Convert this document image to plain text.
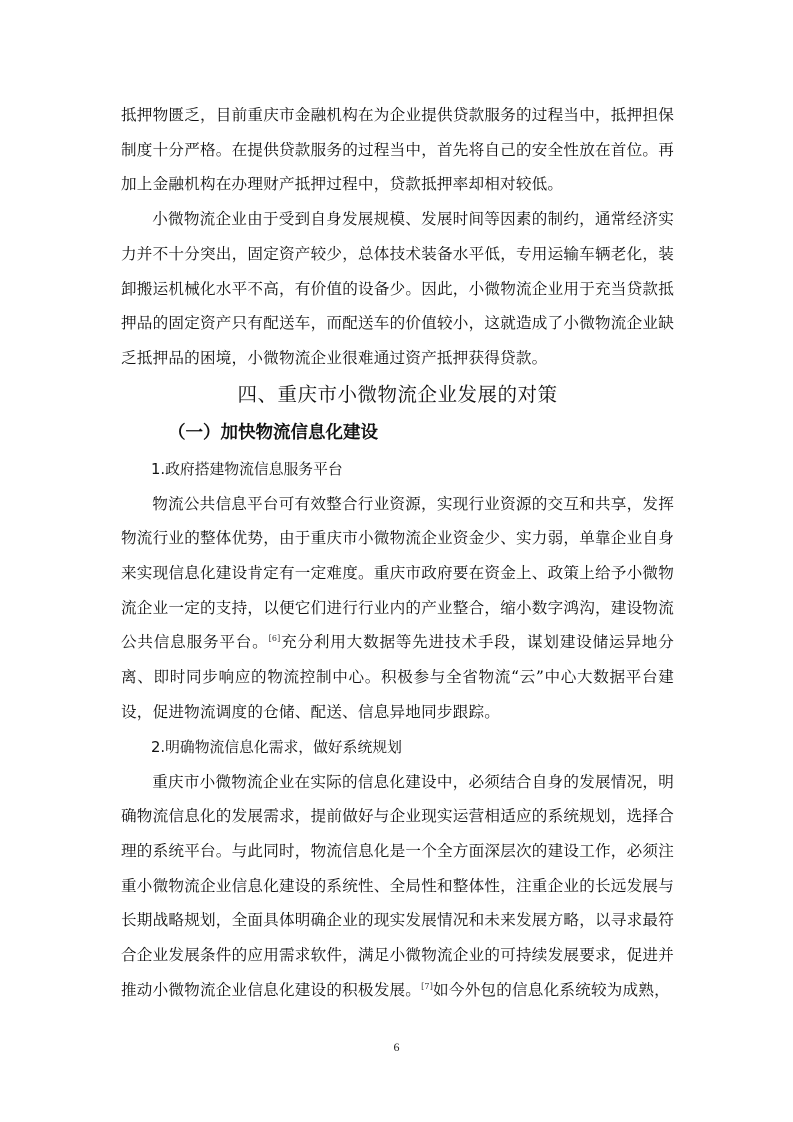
抵押物匮乏，目前重庆市金融机构在为企业提供贷款服务的过程当中，抵押担保制度十分严格。在提供贷款服务的过程当中，首先将自己的安全性放在首位。再加上金融机构在办理财产抵押过程中，贷款抵押率却相对较低。

小微物流企业由于受到自身发展规模、发展时间等因素的制约，通常经济实力并不十分突出，固定资产较少，总体技术装备水平低，专用运输车辆老化，装卸搬运机械化水平不高，有价值的设备少。因此，小微物流企业用于充当贷款抵押品的固定资产只有配送车，而配送车的价值较小，这就造成了小微物流企业缺乏抵押品的困境，小微物流企业很难通过资产抵押获得贷款。

四、重庆市小微物流企业发展的对策
（一）加快物流信息化建设
1.政府搭建物流信息服务平台

物流公共信息平台可有效整合行业资源，实现行业资源的交互和共享，发挥物流行业的整体优势，由于重庆市小微物流企业资金少、实力弱，单靠企业自身来实现信息化建设肯定有一定难度。重庆市政府要在资金上、政策上给予小微物流企业一定的支持，以便它们进行行业内的产业整合，缩小数字鸿沟，建设物流公共信息服务平台。[6]充分利用大数据等先进技术手段，谋划建设储运异地分离、即时同步响应的物流控制中心。积极参与全省物流“云”中心大数据平台建设，促进物流调度的仓储、配送、信息异地同步跟踪。

2.明确物流信息化需求，做好系统规划

重庆市小微物流企业在实际的信息化建设中，必须结合自身的发展情况，明确物流信息化的发展需求，提前做好与企业现实运营相适应的系统规划，选择合理的系统平台。与此同时，物流信息化是一个全方面深层次的建设工作，必须注重小微物流企业信息化建设的系统性、全局性和整体性，注重企业的长远发展与长期战略规划，全面具体明确企业的现实发展情况和未来发展方略，以寻求最符合企业发展条件的应用需求软件，满足小微物流企业的可持续发展要求，促进并推动小微物流企业信息化建设的积极发展。[7]如今外包的信息化系统较为成熟，

6
